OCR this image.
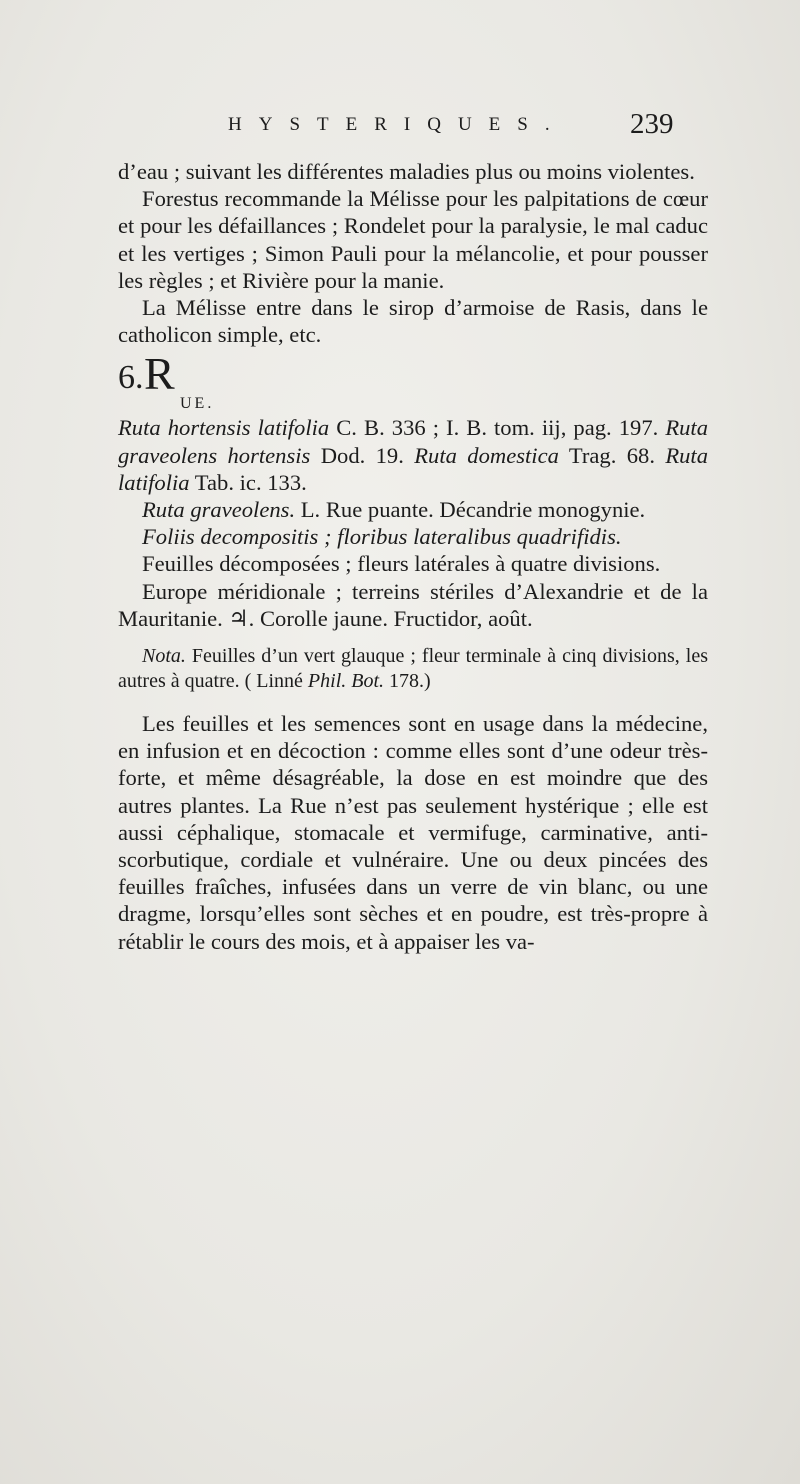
HYSTERIQUES. 239

d’eau ; suivant les différentes maladies plus ou moins violentes.

Forestus recommande la Mélisse pour les palpitations de cœur et pour les défaillances ; Rondelet pour la paralysie, le mal caduc et les vertiges ; Simon Pauli pour la mélancolie, et pour pousser les règles ; et Rivière pour la manie.

La Mélisse entre dans le sirop d’armoise de Rasis, dans le catholicon simple, etc.

6. R
UE.

Ruta hortensis latifolia C. B. 336 ; I. B. tom. iij, pag. 197. Ruta graveolens hortensis Dod. 19. Ruta domestica Trag. 68. Ruta latifolia Tab. ic. 133.

Ruta graveolens. L. Rue puante. Décandrie monogynie.

Foliis decompositis ; floribus lateralibus quadrifidis.

Feuilles décomposées ; fleurs latérales à quatre divisions.

Europe méridionale ; terreins stériles d’Alexandrie et de la Mauritanie. ♃. Corolle jaune. Fructidor, août.

Nota. Feuilles d’un vert glauque ; fleur terminale à cinq divisions, les autres à quatre. ( Linné Phil. Bot. 178.)

Les feuilles et les semences sont en usage dans la médecine, en infusion et en décoction : comme elles sont d’une odeur très-forte, et même désagréable, la dose en est moindre que des autres plantes. La Rue n’est pas seulement hystérique ; elle est aussi céphalique, stomacale et vermifuge, carminative, anti-scorbutique, cordiale et vulnéraire. Une ou deux pincées des feuilles fraîches, infusées dans un verre de vin blanc, ou une dragme, lorsqu’elles sont sèches et en poudre, est très-propre à rétablir le cours des mois, et à appaiser les va-
